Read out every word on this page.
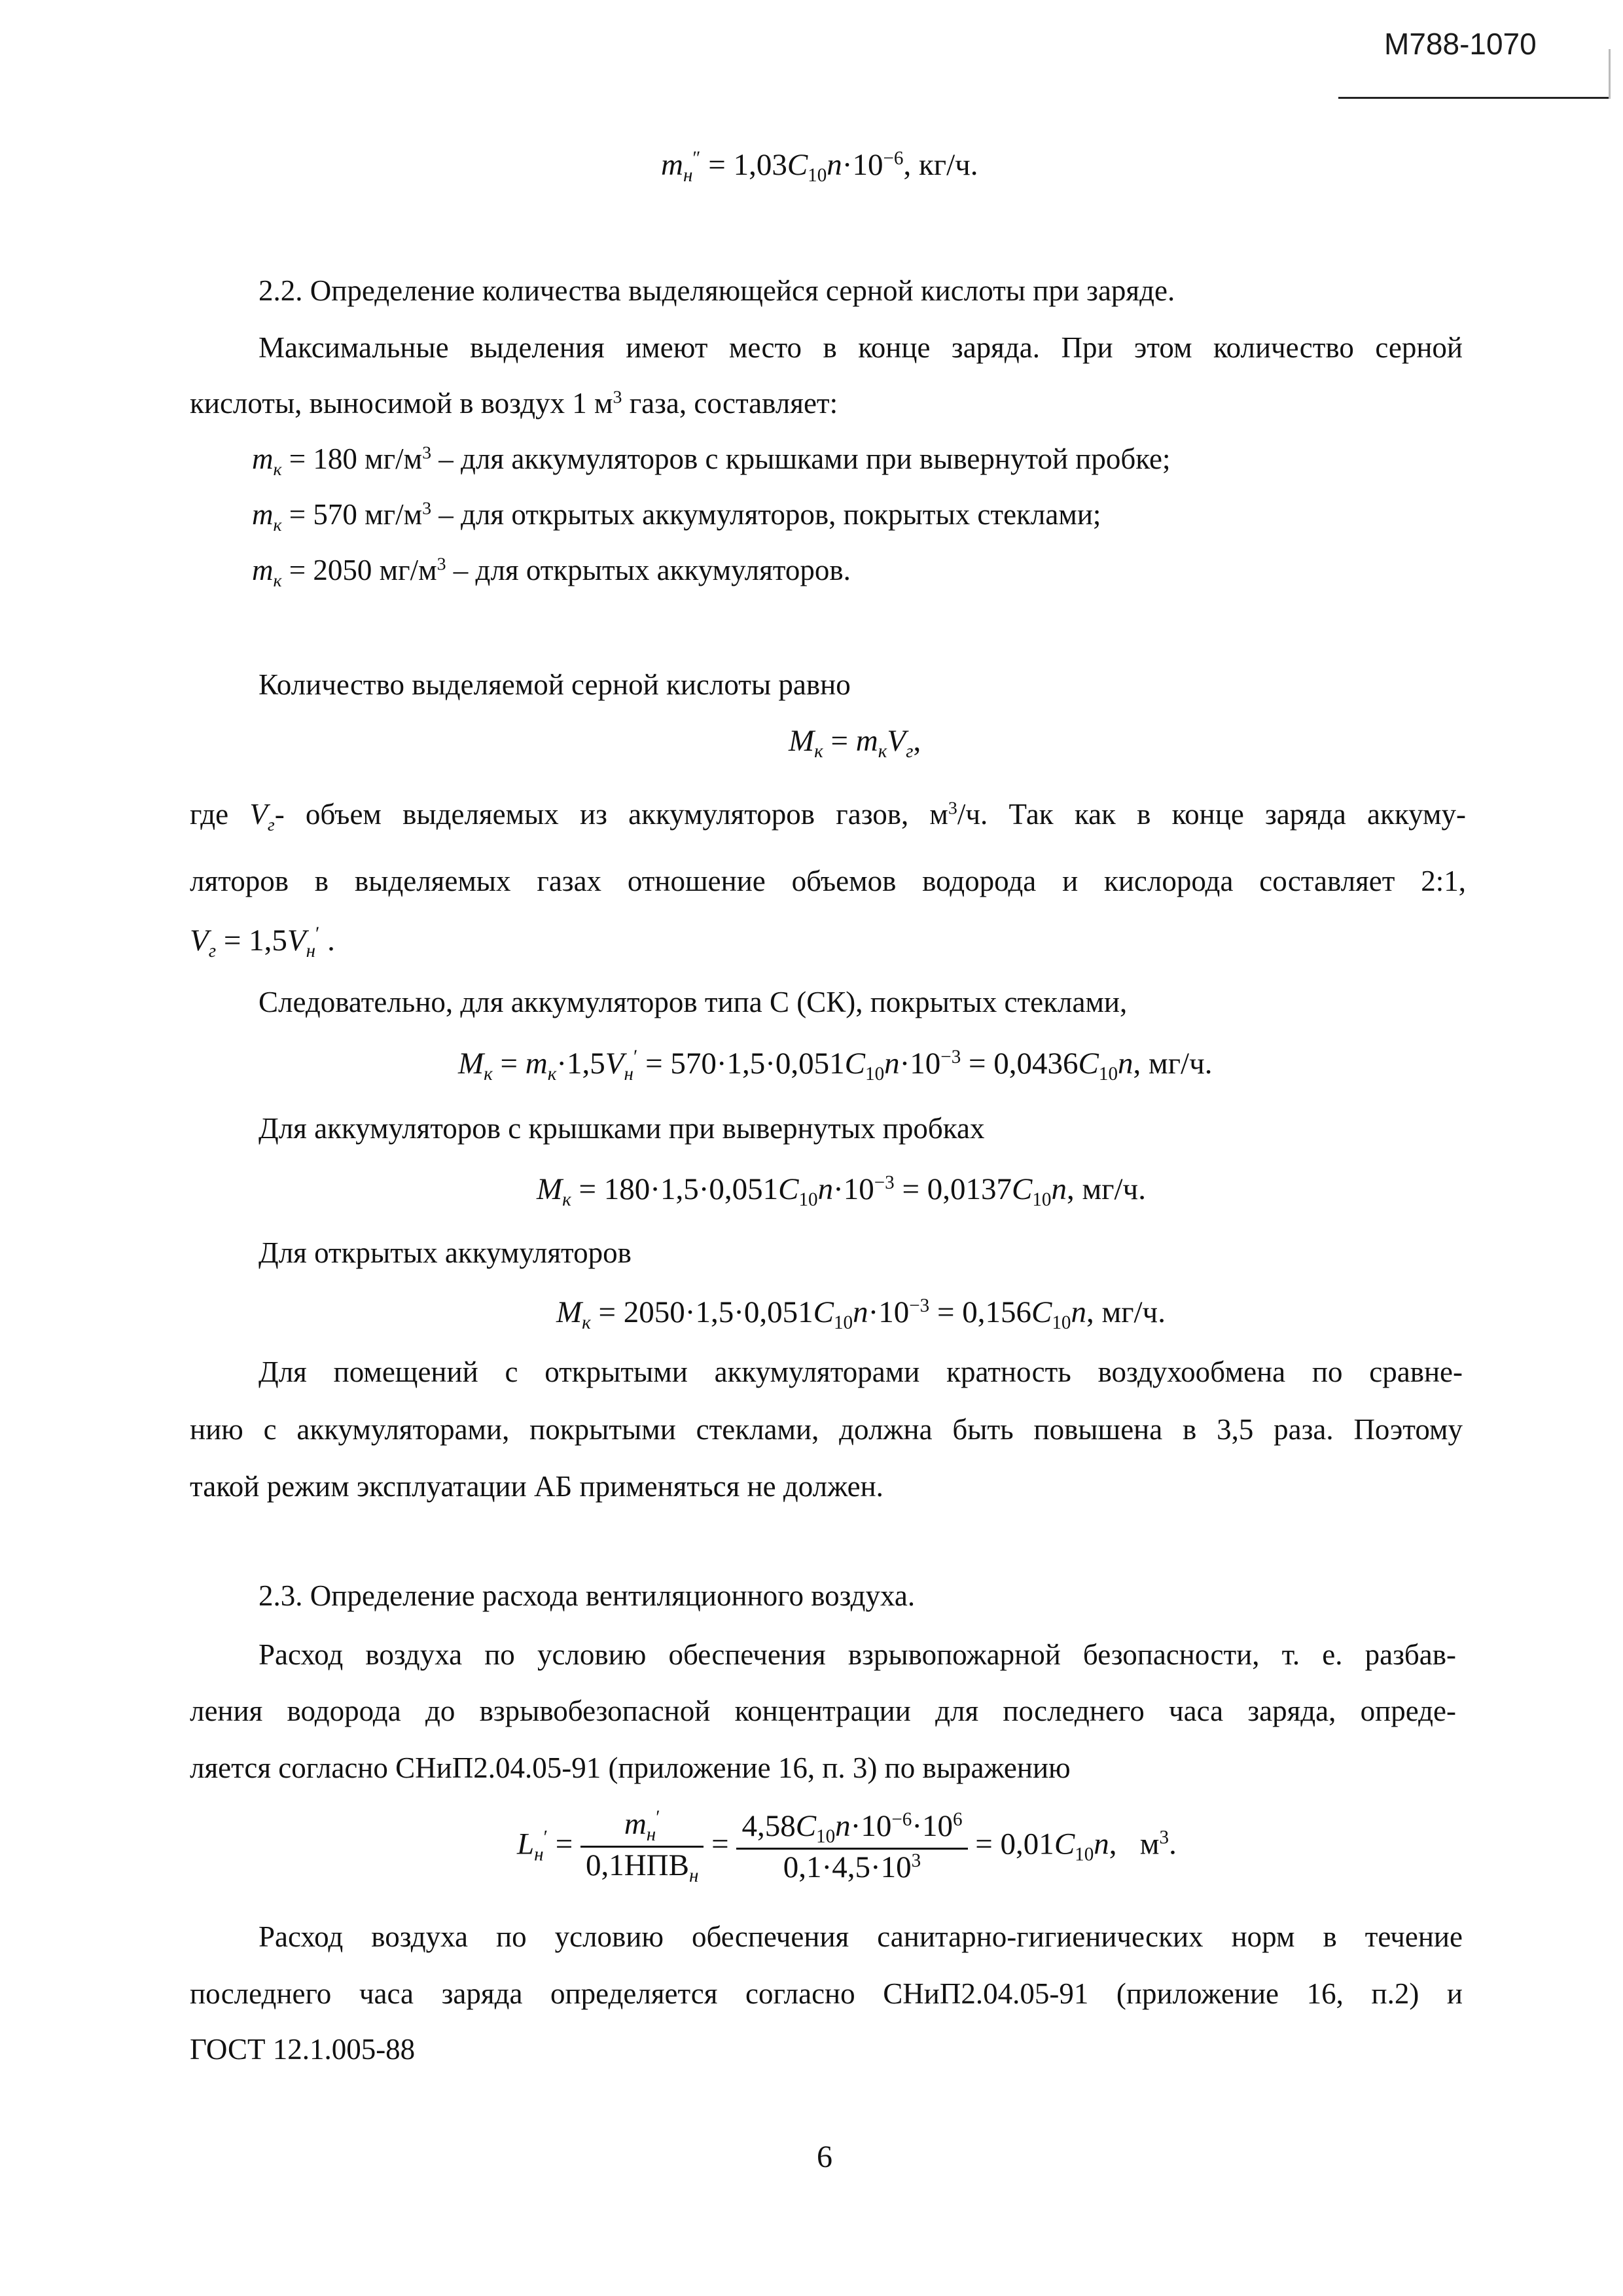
М788-1070
$m_н'' = 1,03C_{10}n\cdot 10^{-6}$, кг/ч.
2.2. Определение количества выделяющейся серной кислоты при заряде.
Максимальные выделения имеют место в конце заряда. При этом количество серной
кислоты, выносимой в воздух 1 $м^3$ газа, составляет:
$m_к = 180$ $мг/м^3$ – для аккумуляторов с крышками при вывернутой пробке;
$m_к = 570$ $мг/м^3$ – для открытых аккумуляторов, покрытых стеклами;
$m_к = 2050$ $мг/м^3$ – для открытых аккумуляторов.
Количество выделяемой серной кислоты равно
$M_к = m_кV_г$,
где $V_г-$ объем выделяемых из аккумуляторов газов, $м^3/ч$. Так как в конце заряда аккуму-
ляторов в выделяемых газах отношение объемов водорода и кислорода составляет 2:1,
$V_г = 1,5V_н'$ .
Следовательно, для аккумуляторов типа С (СК), покрытых стеклами,
$M_к = m_к\cdot 1,5V_н' = 570\cdot 1,5\cdot 0,051C_{10}n\cdot 10^{-3} = 0,0436C_{10}n$, мг/ч.
Для аккумуляторов с крышками при вывернутых пробках
$M_к = 180\cdot 1,5\cdot 0,051C_{10}n\cdot 10^{-3} = 0,0137C_{10}n$, мг/ч.
Для открытых аккумуляторов
$M_к = 2050\cdot 1,5\cdot 0,051C_{10}n\cdot 10^{-3} = 0,156C_{10}n$, мг/ч.
Для помещений с открытыми аккумуляторами кратность воздухообмена по сравне-
нию с аккумуляторами, покрытыми стеклами, должна быть повышена в 3,5 раза. Поэтому
такой режим эксплуатации АБ применяться не должен.
2.3. Определение расхода вентиляционного воздуха.
Расход воздуха по условию обеспечения взрывопожарной безопасности, т. е. разбав-
ления водорода до взрывобезопасной концентрации для последнего часа заряда, опреде-
ляется согласно СНиП2.04.05-91 (приложение 16, п. 3) по выражению
$L_н' = \frac{m_н'}{0,1НПВ_н} = \frac{4,58C_{10}n\cdot 10^{-6}\cdot 10^6}{0,1\cdot 4,5\cdot 10^3} = 0,01C_{10}n$,   $м^3$.
Расход воздуха по условию обеспечения санитарно-гигиенических норм в течение
последнего часа заряда определяется согласно СНиП2.04.05-91 (приложение 16, п.2) и
ГОСТ 12.1.005-88
6
